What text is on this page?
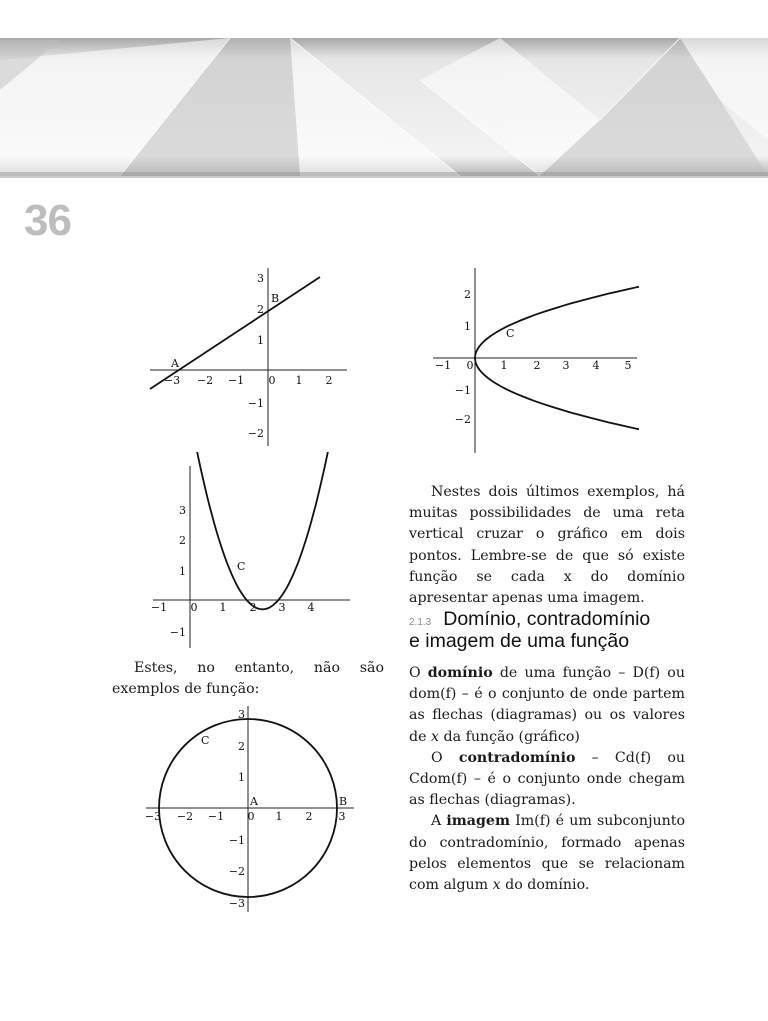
36
−3 −2 −1 0 1 2
3
2
1
−1
−2
A
B
−1 0 1 2 3 4 5
2
1
−1
−2
C
−1 0 1 2 3 4
3
2
1
−1
C

Estes, no entanto, não são exemplos de função:

−3 −2 −1 0 1 2 3
3
2
1
−1
−2
−3
A	B
C

Nestes dois últimos exemplos, há muitas possibilidades de uma reta vertical cruzar o gráfico em dois pontos. Lembre-se de que só existe função se cada x do domínio apresentar apenas uma imagem.

2.1.3 Domínio, contradomínio
e imagem de uma função

O domínio de uma função – D(f) ou dom(f) – é o conjunto de onde partem as flechas (diagramas) ou os valores de x da função (gráfico)

O contradomínio – Cd(f) ou Cdom(f) – é o conjunto onde chegam as flechas (diagramas).

A imagem Im(f) é um subconjunto do contradomínio, formado apenas pelos elementos que se relacionam com algum x do domínio.
